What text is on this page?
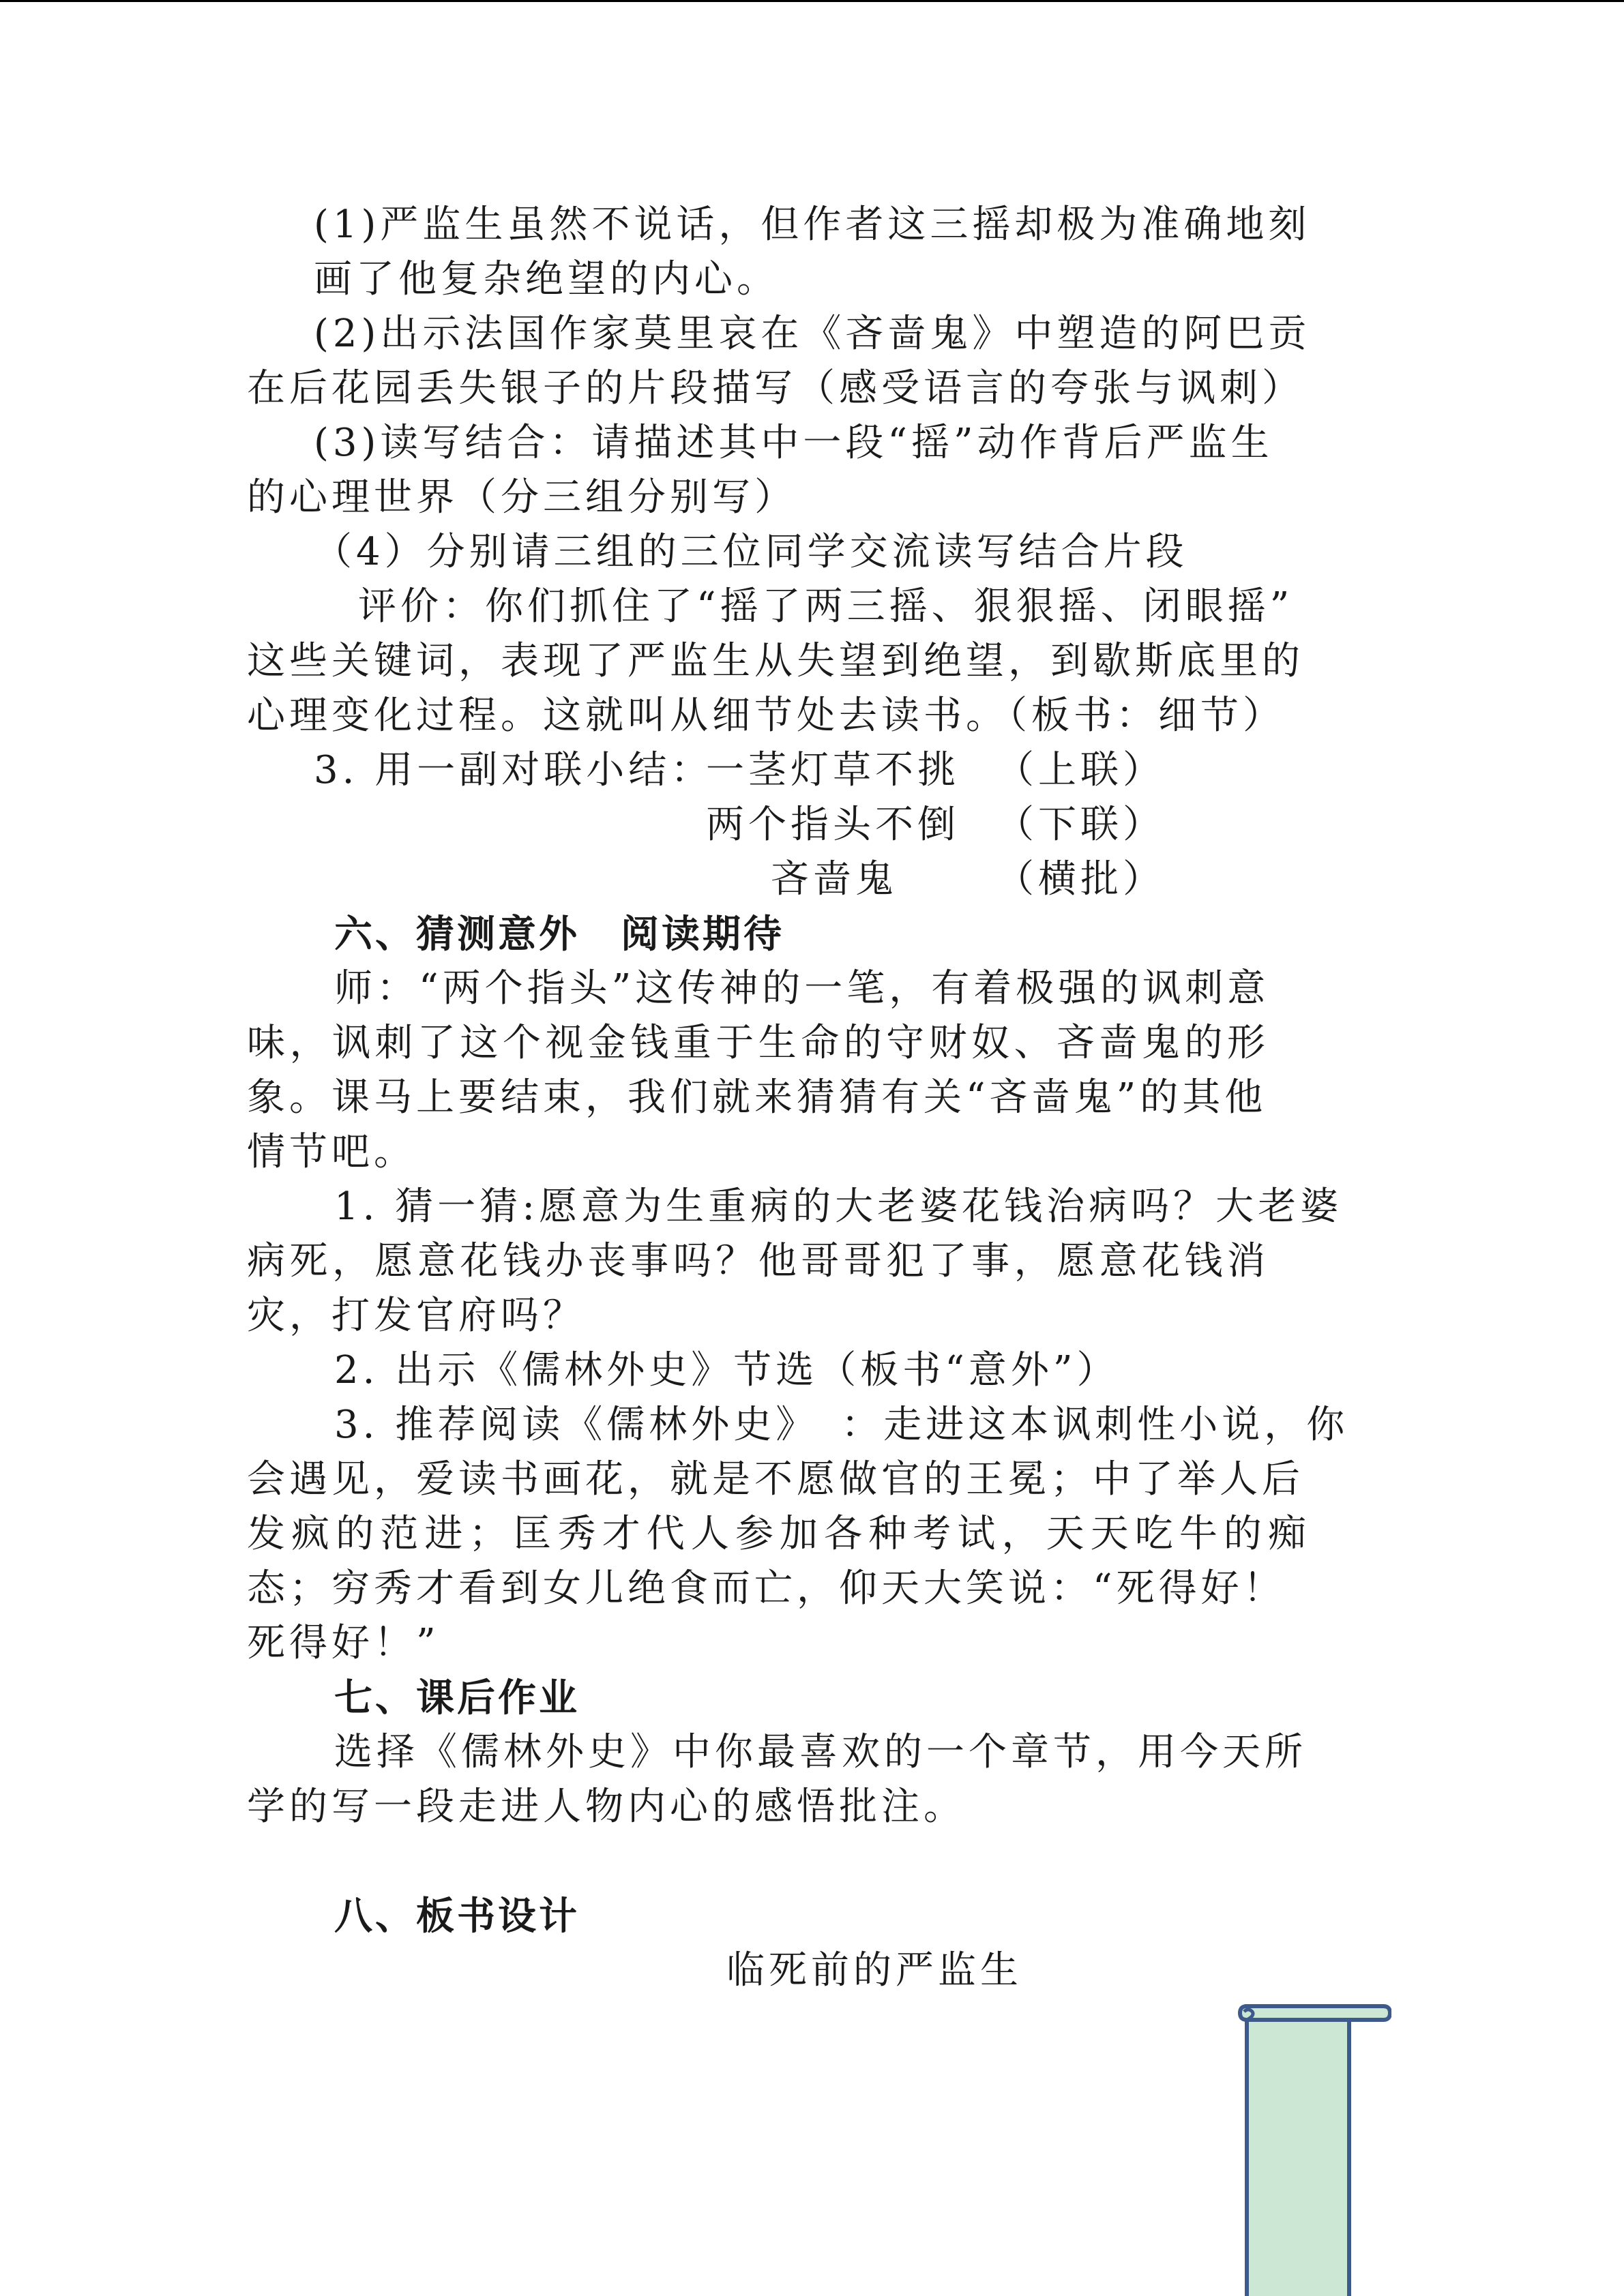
(1)严监生虽然不说话，但作者这三摇却极为准确地刻
画了他复杂绝望的内心。
(2)出示法国作家莫里哀在《吝啬鬼》中塑造的阿巴贡
在后花园丢失银子的片段描写（感受语言的夸张与讽刺）
(3)读写结合：请描述其中一段“摇”动作背后严监生
的心理世界（分三组分别写）
（4）分别请三组的三位同学交流读写结合片段
评价：你们抓住了“摇了两三摇、狠狠摇、闭眼摇”
这些关键词，表现了严监生从失望到绝望，到歇斯底里的
心理变化过程。这就叫从细节处去读书。（板书：细节）
3. 用一副对联小结：
一茎灯草不挑 （上联）
两个指头不倒 （下联）
吝啬鬼	（横批）
六、猜测意外　阅读期待
师：“两个指头”这传神的一笔，有着极强的讽刺意
味，讽刺了这个视金钱重于生命的守财奴、吝啬鬼的形
象。课马上要结束，我们就来猜猜有关“吝啬鬼”的其他
情节吧。
1. 猜一猜:愿意为生重病的大老婆花钱治病吗？大老婆
病死，愿意花钱办丧事吗？他哥哥犯了事，愿意花钱消
灾，打发官府吗？
2. 出示《儒林外史》节选（板书“意外”）
3. 推荐阅读《儒林外史》　：走进这本讽刺性小说，你
会遇见，爱读书画花，就是不愿做官的王冕；中了举人后
发疯的范进；匡秀才代人参加各种考试，天天吃牛的痴
态；穷秀才看到女儿绝食而亡，仰天大笑说：“死得好！
死得好！”
七、课后作业
选择《儒林外史》中你最喜欢的一个章节，用今天所
学的写一段走进人物内心的感悟批注。
八、板书设计
临死前的严监生
